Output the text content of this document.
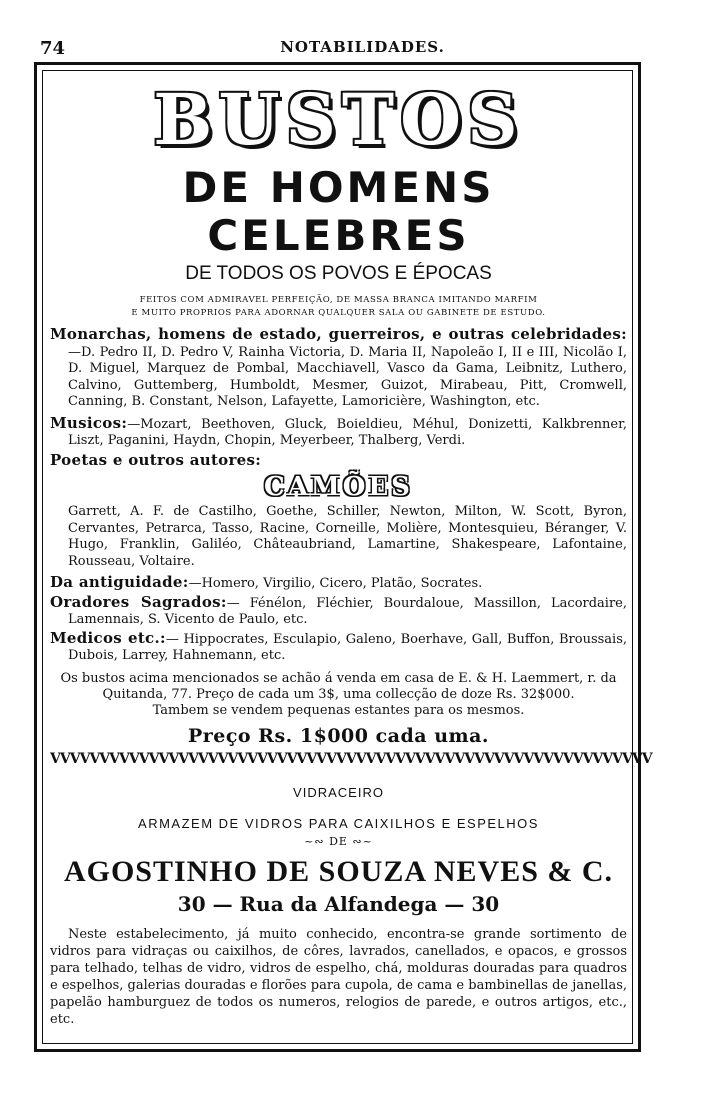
74	NOTABILIDADES.
BUSTOS
DE HOMENS CELEBRES
DE TODOS OS POVOS E ÉPOCAS
FEITOS COM ADMIRAVEL PERFEIÇÃO, DE MASSA BRANCA IMITANDO MARFIM
E MUITO PROPRIOS PARA ADORNAR QUALQUER SALA OU GABINETE DE ESTUDO.
Monarchas, homens de estado, guerreiros, e outras celebridades:—D. Pedro II, D. Pedro V, Rainha Victoria, D. Maria II, Napoleão I, II e III, Nicolão I, D. Miguel, Marquez de Pombal, Macchiavell, Vasco da Gama, Leibnitz, Luthero, Calvino, Guttemberg, Humboldt, Mesmer, Guizot, Mirabeau, Pitt, Cromwell, Canning, B. Constant, Nelson, Lafayette, Lamoricière, Washington, etc.
Musicos:—Mozart, Beethoven, Gluck, Boieldieu, Méhul, Donizetti, Kalkbrenner, Liszt, Paganini, Haydn, Chopin, Meyerbeer, Thalberg, Verdi.
Poetas e outros autores:
CAMÕES
Garrett, A. F. de Castilho, Goethe, Schiller, Newton, Milton, W. Scott, Byron, Cervantes, Petrarca, Tasso, Racine, Corneille, Molière, Montesquieu, Béranger, V. Hugo, Franklin, Galiléo, Châteaubriand, Lamartine, Shakespeare, Lafontaine, Rousseau, Voltaire.
Da antiguidade:—Homero, Virgilio, Cicero, Platão, Socrates.
Oradores Sagrados:— Fénélon, Fléchier, Bourdaloue, Massillon, Lacordaire, Lamennais, S. Vicento de Paulo, etc.
Medicos etc.:— Hippocrates, Esculapio, Galeno, Boerhave, Gall, Buffon, Broussais, Dubois, Larrey, Hahnemann, etc.
Os bustos acima mencionados se achão á venda em casa de E. & H. Laemmert, r. da Quitanda, 77. Preço de cada um 3$, uma collecção de doze Rs. 32$000.
Tambem se vendem pequenas estantes para os mesmos.
Preço Rs. 1$000 cada uma.
VVVVVVVVVVVVVVVVVVVVVVVVVVVVVVVVVVVVVVVVVVVVVVVVVVVVVVVVVVVVV
VIDRACEIRO
ARMAZEM DE VIDROS PARA CAIXILHOS E ESPELHOS
~∾ DE ∾~
AGOSTINHO DE SOUZA NEVES & C.
30 — Rua da Alfandega — 30
Neste estabelecimento, já muito conhecido, encontra-se grande sortimento de vidros para vidraças ou caixilhos, de côres, lavrados, canellados, e opacos, e grossos para telhado, telhas de vidro, vidros de espelho, chá, molduras douradas para quadros e espelhos, galerias douradas e florões para cupola, de cama e bambinellas de janellas, papelão hamburguez de todos os numeros, relogios de parede, e outros artigos, etc., etc.
